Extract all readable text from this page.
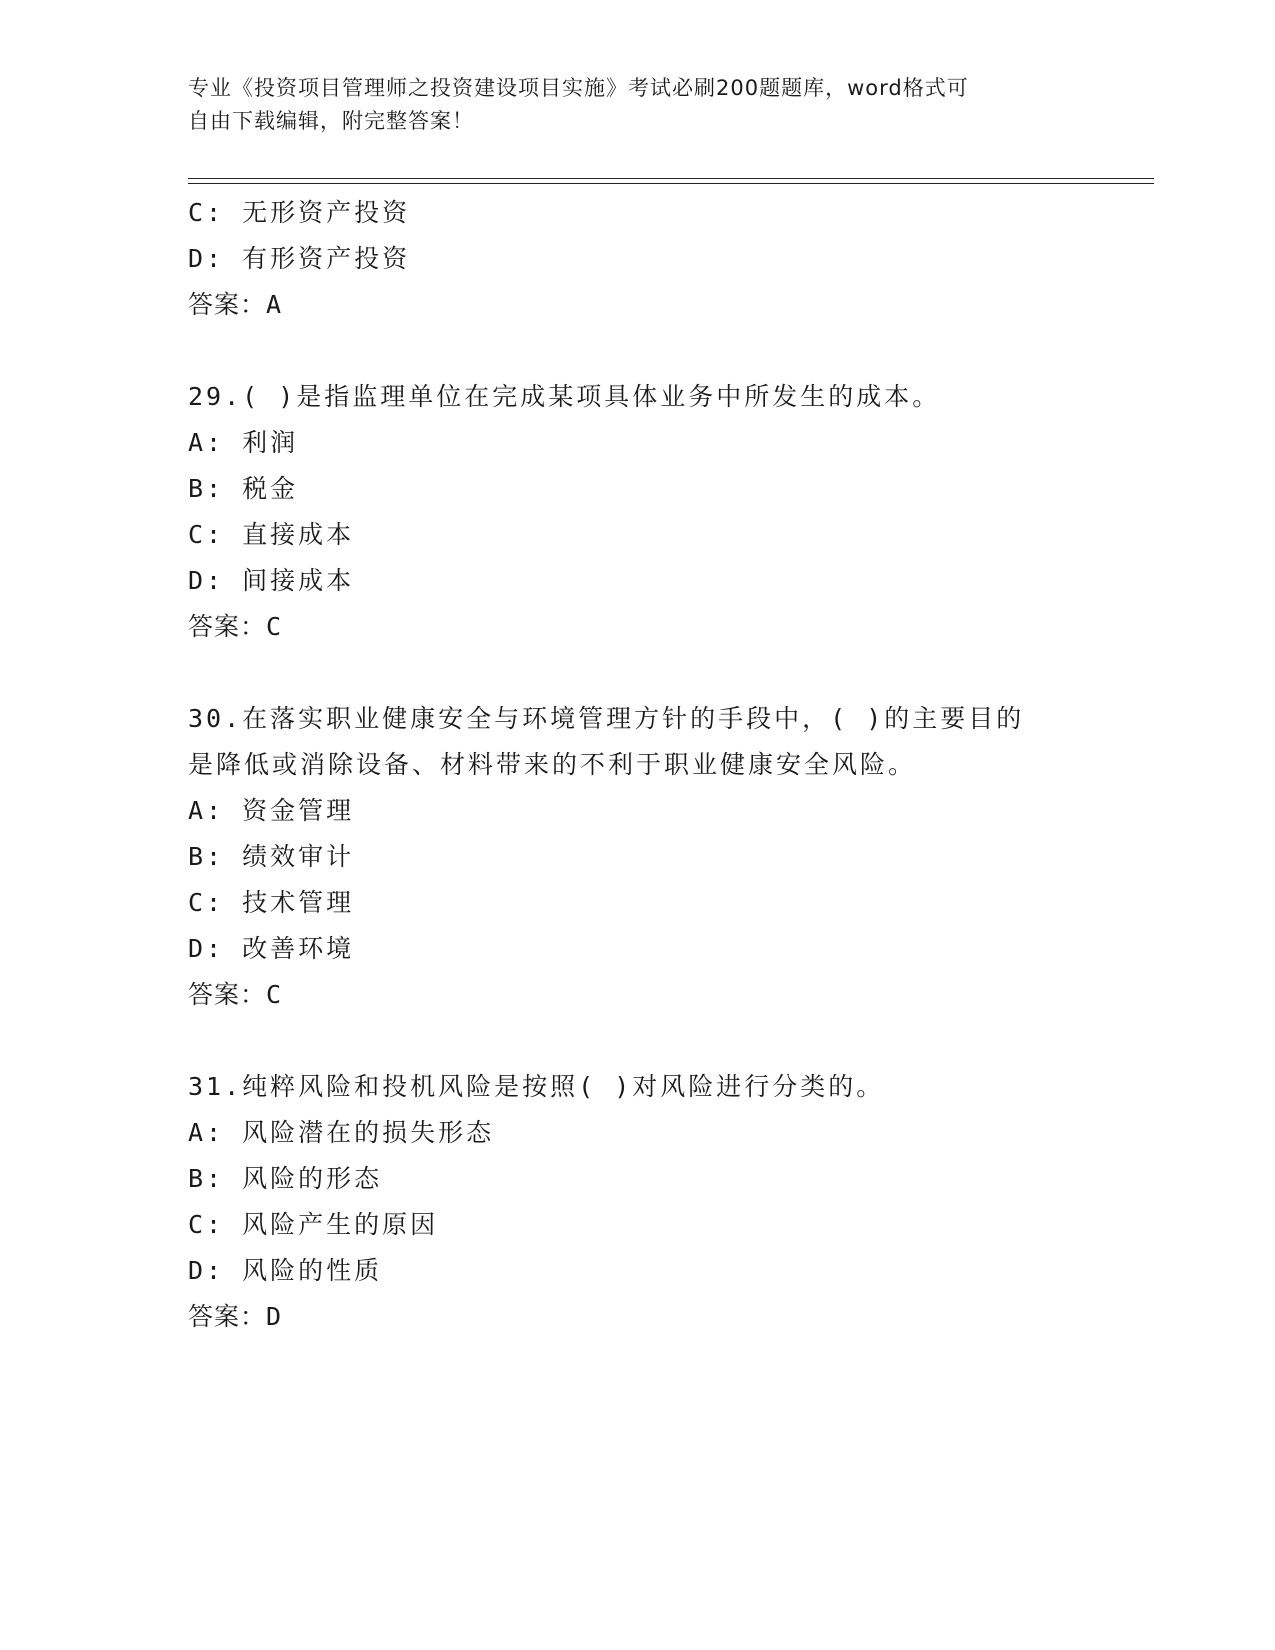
专业《投资项目管理师之投资建设项目实施》考试必刷200题题库，word格式可
自由下载编辑，附完整答案！
C: 无形资产投资
D: 有形资产投资
答案：A
29.( )是指监理单位在完成某项具体业务中所发生的成本。
A: 利润
B: 税金
C: 直接成本
D: 间接成本
答案：C
30.在落实职业健康安全与环境管理方针的手段中，( )的主要目的
是降低或消除设备、材料带来的不利于职业健康安全风险。
A: 资金管理
B: 绩效审计
C: 技术管理
D: 改善环境
答案：C
31.纯粹风险和投机风险是按照( )对风险进行分类的。
A: 风险潜在的损失形态
B: 风险的形态
C: 风险产生的原因
D: 风险的性质
答案：D
